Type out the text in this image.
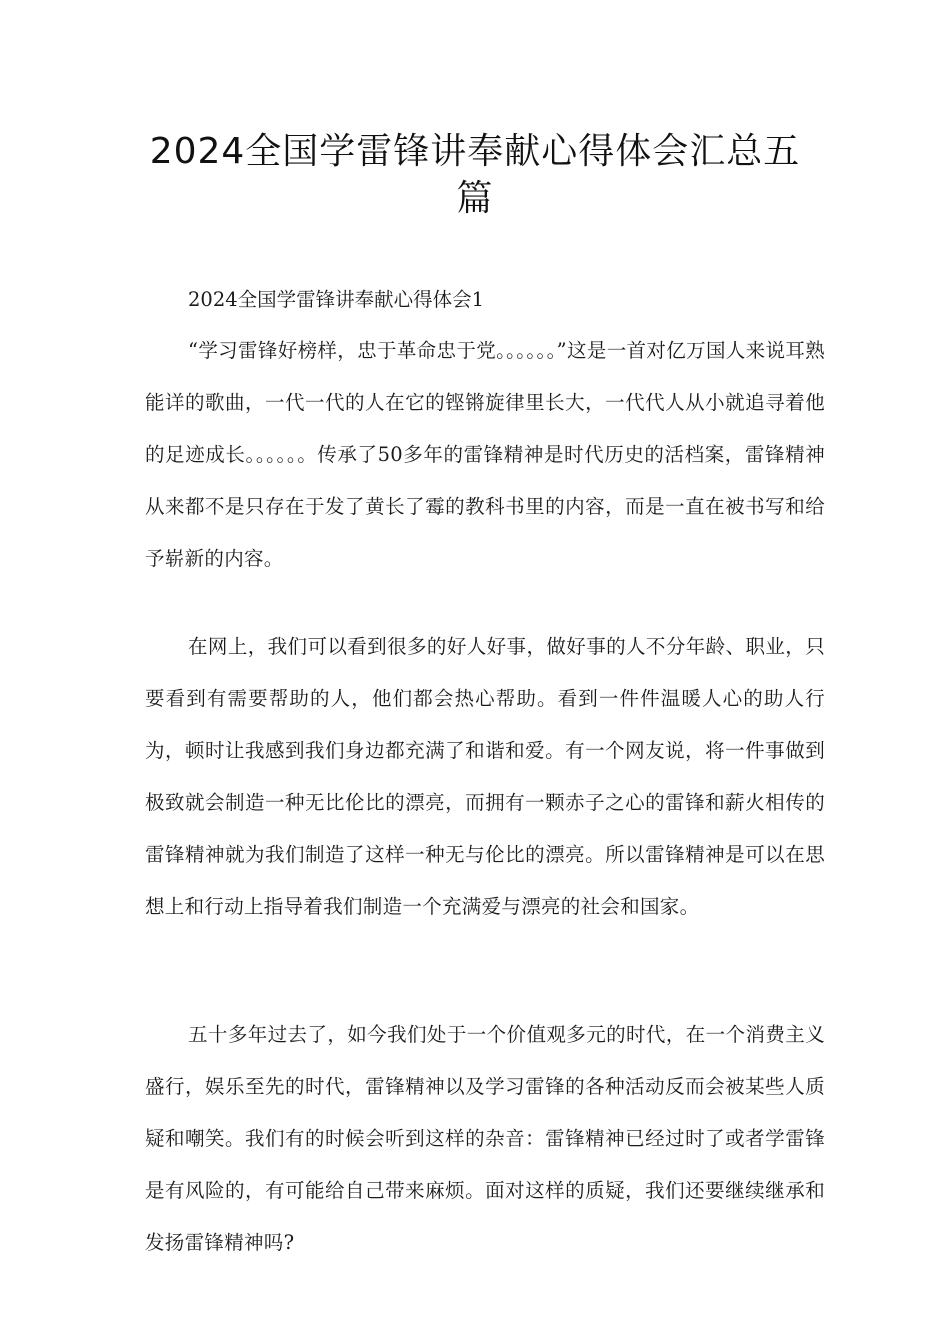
2024全国学雷锋讲奉献心得体会汇总五篇

2024全国学雷锋讲奉献心得体会1

“学习雷锋好榜样，忠于革命忠于党。。。。。。”这是一首对亿万国人来说耳熟能详的歌曲，一代一代的人在它的铿锵旋律里长大，一代代人从小就追寻着他的足迹成长。。。。。。传承了50多年的雷锋精神是时代历史的活档案，雷锋精神从来都不是只存在于发了黄长了霉的教科书里的内容，而是一直在被书写和给予崭新的内容。

在网上，我们可以看到很多的好人好事，做好事的人不分年龄、职业，只要看到有需要帮助的人，他们都会热心帮助。看到一件件温暖人心的助人行为，顿时让我感到我们身边都充满了和谐和爱。有一个网友说，将一件事做到极致就会制造一种无比伦比的漂亮，而拥有一颗赤子之心的雷锋和薪火相传的雷锋精神就为我们制造了这样一种无与伦比的漂亮。所以雷锋精神是可以在思想上和行动上指导着我们制造一个充满爱与漂亮的社会和国家。

五十多年过去了，如今我们处于一个价值观多元的时代，在一个消费主义盛行，娱乐至先的时代，雷锋精神以及学习雷锋的各种活动反而会被某些人质疑和嘲笑。我们有的时候会听到这样的杂音：雷锋精神已经过时了或者学雷锋是有风险的，有可能给自己带来麻烦。面对这样的质疑，我们还要继续继承和发扬雷锋精神吗?
